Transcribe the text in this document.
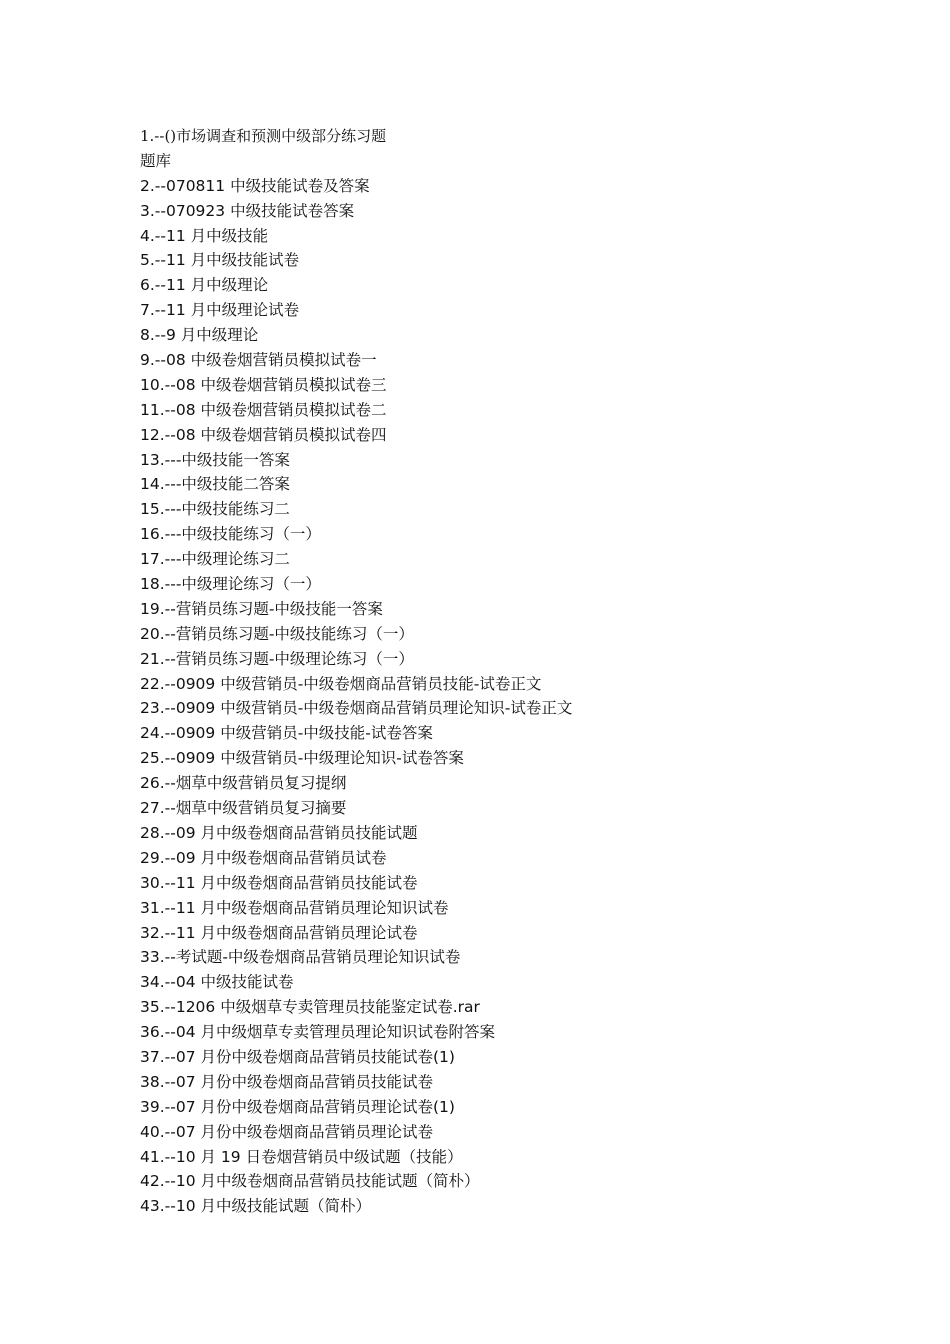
1.--()市场调查和预测中级部分练习题
题库
2.--070811 中级技能试卷及答案
3.--070923 中级技能试卷答案
4.--11 月中级技能
5.--11 月中级技能试卷
6.--11 月中级理论
7.--11 月中级理论试卷
8.--9 月中级理论
9.--08 中级卷烟营销员模拟试卷一
10.--08 中级卷烟营销员模拟试卷三
11.--08 中级卷烟营销员模拟试卷二
12.--08 中级卷烟营销员模拟试卷四
13.---中级技能一答案
14.---中级技能二答案
15.---中级技能练习二
16.---中级技能练习（一）
17.---中级理论练习二
18.---中级理论练习（一）
19.--营销员练习题-中级技能一答案
20.--营销员练习题-中级技能练习（一）
21.--营销员练习题-中级理论练习（一）
22.--0909 中级营销员-中级卷烟商品营销员技能-试卷正文
23.--0909 中级营销员-中级卷烟商品营销员理论知识-试卷正文
24.--0909 中级营销员-中级技能-试卷答案
25.--0909 中级营销员-中级理论知识-试卷答案
26.--烟草中级营销员复习提纲
27.--烟草中级营销员复习摘要
28.--09 月中级卷烟商品营销员技能试题
29.--09 月中级卷烟商品营销员试卷
30.--11 月中级卷烟商品营销员技能试卷
31.--11 月中级卷烟商品营销员理论知识试卷
32.--11 月中级卷烟商品营销员理论试卷
33.--考试题-中级卷烟商品营销员理论知识试卷
34.--04 中级技能试卷
35.--1206 中级烟草专卖管理员技能鉴定试卷.rar
36.--04 月中级烟草专卖管理员理论知识试卷附答案
37.--07 月份中级卷烟商品营销员技能试卷(1)
38.--07 月份中级卷烟商品营销员技能试卷
39.--07 月份中级卷烟商品营销员理论试卷(1)
40.--07 月份中级卷烟商品营销员理论试卷
41.--10 月 19 日卷烟营销员中级试题（技能）
42.--10 月中级卷烟商品营销员技能试题（简朴）
43.--10 月中级技能试题（简朴）
